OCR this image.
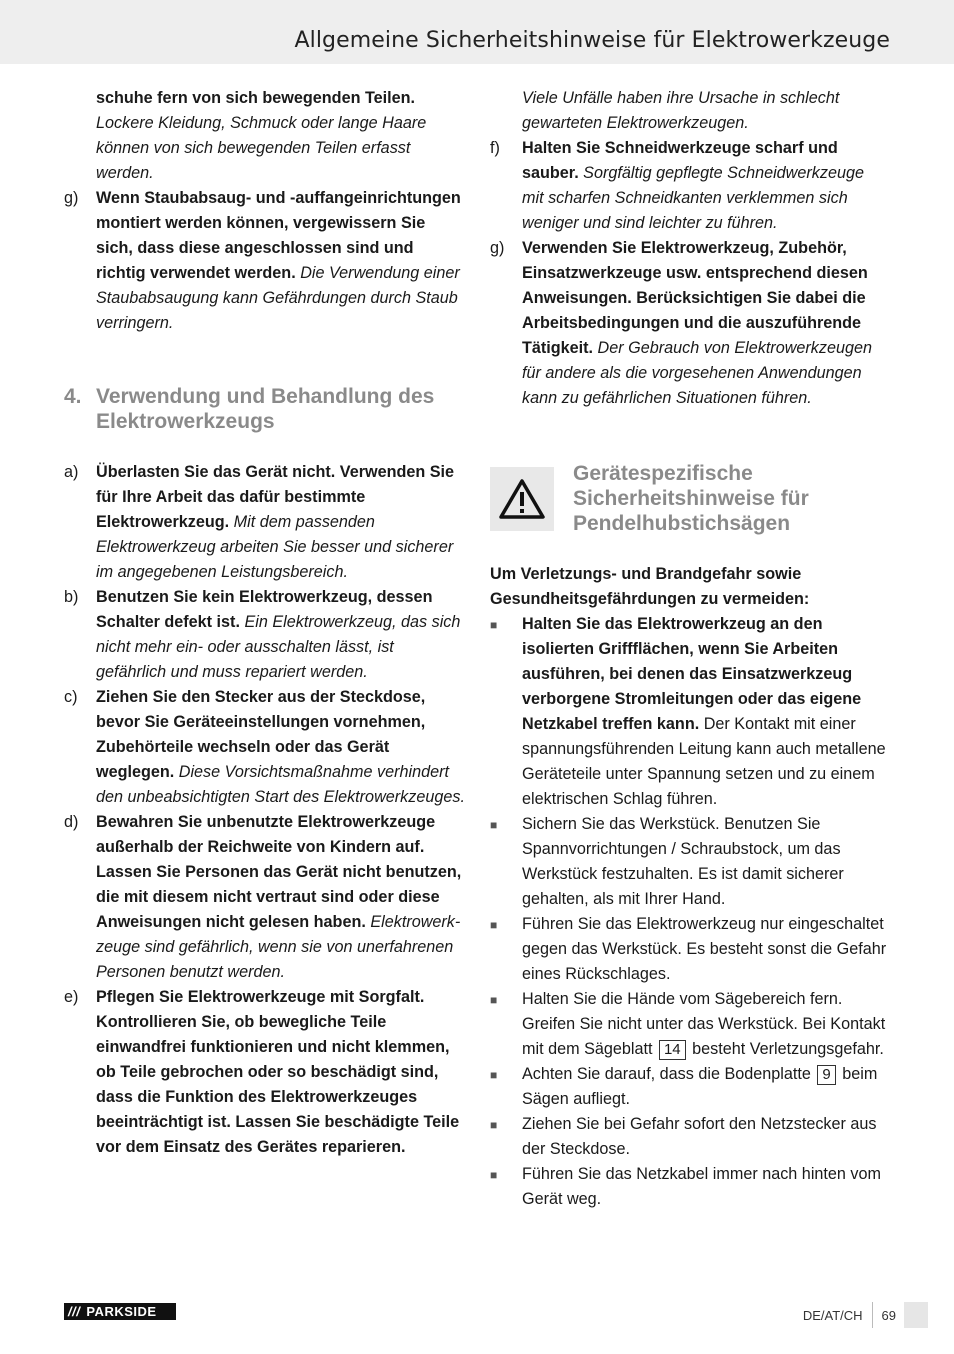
Allgemeine Sicherheitshinweise für Elektrowerkzeuge
schuhe fern von sich bewegenden Teilen. Lockere Kleidung, Schmuck oder lange Haare können von sich bewegenden Teilen erfasst werden.
g)	Wenn Staubabsaug- und -auffangeinrichtungen montiert werden können, vergewissern Sie sich, dass diese angeschlossen sind und richtig verwendet werden. Die Verwendung einer Staubabsaugung kann Gefährdungen durch Staub verringern.
4. Verwendung und Behandlung des Elektrowerkzeugs
a)	Überlasten Sie das Gerät nicht. Verwenden Sie für Ihre Arbeit das dafür bestimmte Elektrowerkzeug. Mit dem passenden Elektrowerkzeug arbeiten Sie besser und sicherer im angegebenen Leistungsbereich.
b)	Benutzen Sie kein Elektrowerkzeug, dessen Schalter defekt ist. Ein Elektrowerkzeug, das sich nicht mehr ein- oder ausschalten lässt, ist gefährlich und muss repariert werden.
c)	Ziehen Sie den Stecker aus der Steckdose, bevor Sie Geräteeinstellungen vornehmen, Zubehörteile wechseln oder das Gerät weglegen. Diese Vorsichtsmaßnahme verhindert den unbeabsichtigten Start des Elektrowerkzeuges.
d)	Bewahren Sie unbenutzte Elektrowerkzeuge außerhalb der Reichweite von Kindern auf. Lassen Sie Personen das Gerät nicht benutzen, die mit diesem nicht vertraut sind oder diese Anweisungen nicht gelesen haben. Elektrowerkzeuge sind gefährlich, wenn sie von unerfahrenen Personen benutzt werden.
e)	Pflegen Sie Elektrowerkzeuge mit Sorgfalt. Kontrollieren Sie, ob bewegliche Teile einwandfrei funktionieren und nicht klemmen, ob Teile gebrochen oder so beschädigt sind, dass die Funktion des Elektrowerkzeuges beeinträchtigt ist. Lassen Sie beschädigte Teile vor dem Einsatz des Gerätes reparieren.
Viele Unfälle haben ihre Ursache in schlecht gewarteten Elektrowerkzeugen.
f)	Halten Sie Schneidwerkzeuge scharf und sauber. Sorgfältig gepflegte Schneidwerkzeuge mit scharfen Schneidkanten verklemmen sich weniger und sind leichter zu führen.
g)	Verwenden Sie Elektrowerkzeug, Zubehör, Einsatzwerkzeuge usw. entsprechend diesen Anweisungen. Berücksichtigen Sie dabei die Arbeitsbedingungen und die auszuführende Tätigkeit. Der Gebrauch von Elektrowerkzeugen für andere als die vorgesehenen Anwendungen kann zu gefährlichen Situationen führen.
Gerätespezifische Sicherheitshinweise für Pendelhubstichsägen
Um Verletzungs- und Brandgefahr sowie Gesundheitsgefährdungen zu vermeiden:
■	Halten Sie das Elektrowerkzeug an den isolierten Griffflächen, wenn Sie Arbeiten ausführen, bei denen das Einsatzwerkzeug verborgene Stromleitungen oder das eigene Netzkabel treffen kann. Der Kontakt mit einer spannungsführenden Leitung kann auch metallene Geräteteile unter Spannung setzen und zu einem elektrischen Schlag führen.
■	Sichern Sie das Werkstück. Benutzen Sie Spannvorrichtungen / Schraubstock, um das Werkstück festzuhalten. Es ist damit sicherer gehalten, als mit Ihrer Hand.
■	Führen Sie das Elektrowerkzeug nur eingeschaltet gegen das Werkstück. Es besteht sonst die Gefahr eines Rückschlages.
■	Halten Sie die Hände vom Sägebereich fern. Greifen Sie nicht unter das Werkstück. Bei Kontakt mit dem Sägeblatt 14 besteht Verletzungsgefahr.
■	Achten Sie darauf, dass die Bodenplatte 9 beim Sägen aufliegt.
■	Ziehen Sie bei Gefahr sofort den Netzstecker aus der Steckdose.
■	Führen Sie das Netzkabel immer nach hinten vom Gerät weg.
/// PARKSIDE	DE/AT/CH 69
